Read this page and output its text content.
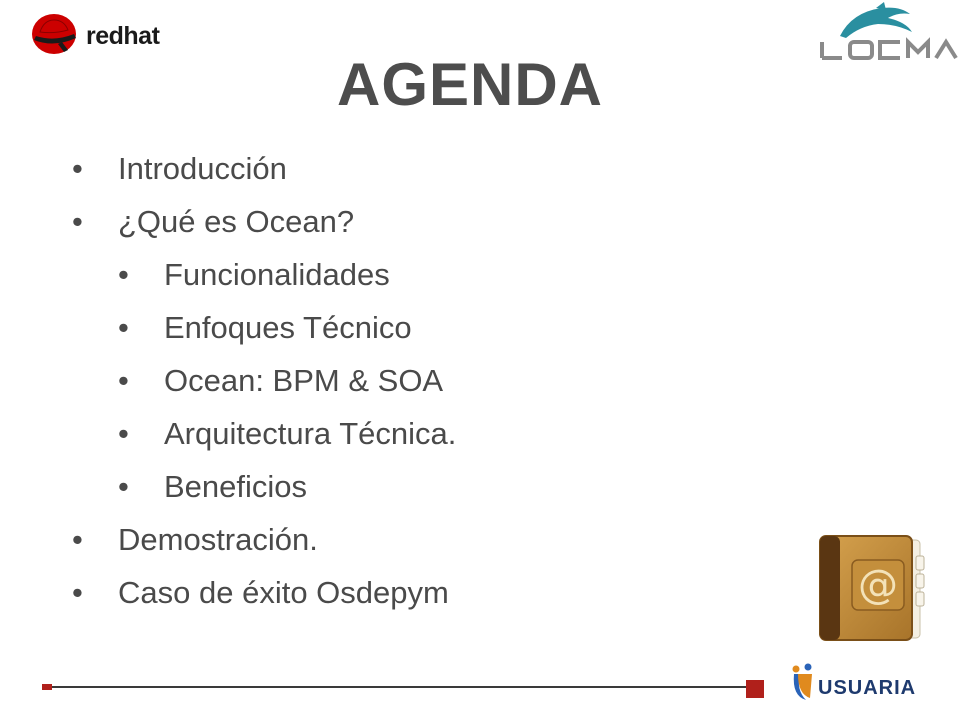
redhat
AGENDA
• Introducción
• ¿Qué es Ocean?
• Funcionalidades
• Enfoques Técnico
• Ocean: BPM & SOA
• Arquitectura Técnica.
• Beneficios
• Demostración.
• Caso de éxito Osdepym	@
USUARIA
